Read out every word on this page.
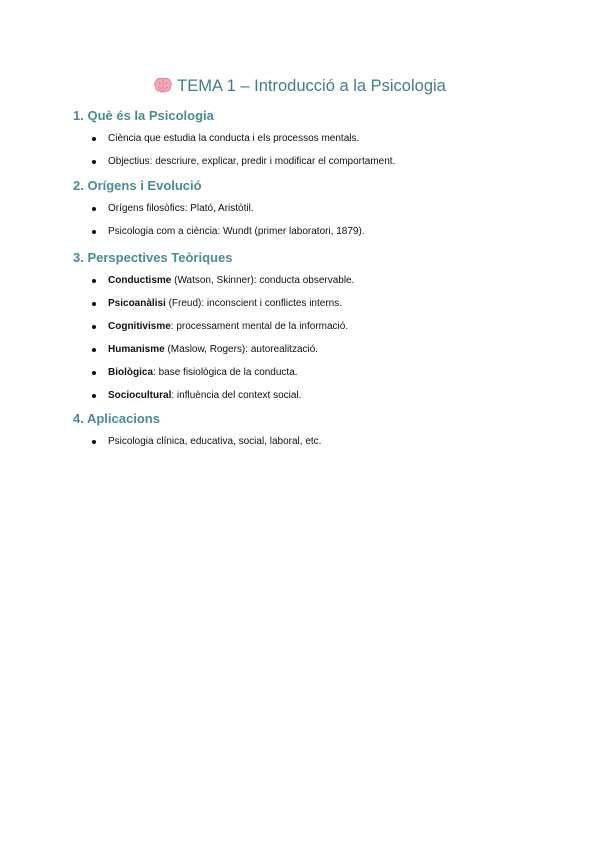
TEMA 1 – Introducció a la Psicologia
1. Què és la Psicologia
Ciència que estudia la conducta i els processos mentals.
Objectius: descriure, explicar, predir i modificar el comportament.
2. Orígens i Evolució
Orígens filosòfics: Plató, Aristòtil.
Psicologia com a ciència: Wundt (primer laboratori, 1879).
3. Perspectives Teòriques
Conductisme (Watson, Skinner): conducta observable.
Psicoanàlisi (Freud): inconscient i conflictes interns.
Cognitivisme: processament mental de la informació.
Humanisme (Maslow, Rogers): autorealització.
Biològica: base fisiològica de la conducta.
Sociocultural: influència del context social.
4. Aplicacions
Psicologia clínica, educativa, social, laboral, etc.
